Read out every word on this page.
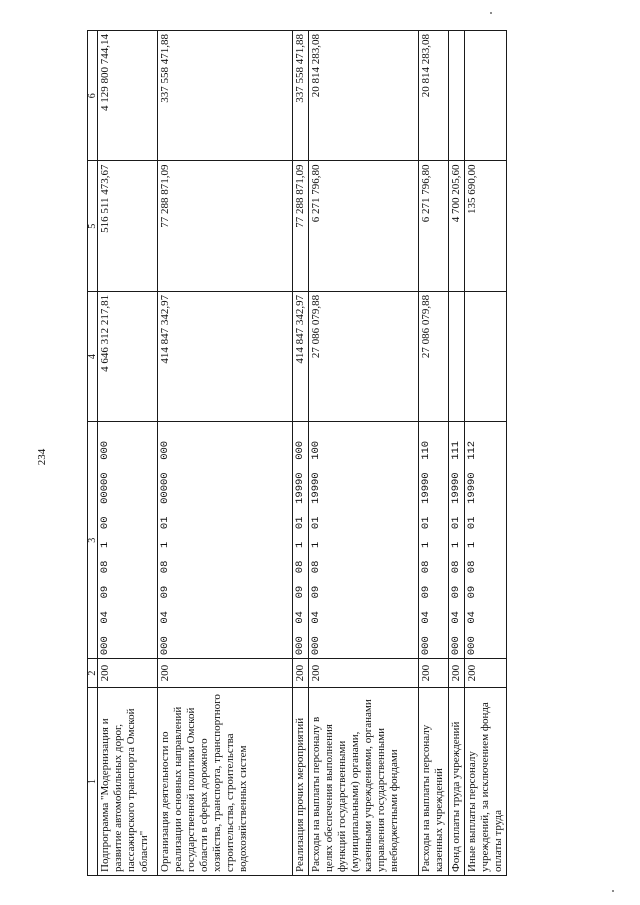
234
1	2	3	4	5	6
Подпрограмма "Модернизация и развитие автомобильных дорог, пассажирского транспорта Омской области"	200	000  04  09  08  1  00  00000  000	4 646 312 217,81	516 511 473,67	4 129 800 744,14
Организация деятельности по реализации основных направлений государственной политики Омской области в сферах дорожного хозяйства, транспорта, транспортного строительства, строительства водохозяйственных систем	200	000  04  09  08  1  01  00000  000	414 847 342,97	77 288 871,09	337 558 471,88
Реализация прочих мероприятий	200	000  04  09  08  1  01  19990  000	414 847 342,97	77 288 871,09	337 558 471,88
Расходы на выплаты персоналу в целях обеспечения выполнения функций государственными (муниципальными) органами, казенными учреждениями, органами управления государственными внебюджетными фондами	200	000  04  09  08  1  01  19990  100	27 086 079,88	6 271 796,80	20 814 283,08
Расходы на выплаты персоналу казенных учреждений	200	000  04  09  08  1  01  19990  110	27 086 079,88	6 271 796,80	20 814 283,08
Фонд оплаты труда учреждений	200	000  04  09  08  1  01  19990  111		4 700 205,60	
Иные выплаты персоналу учреждений, за исключением фонда оплаты труда	200	000  04  09  08  1  01  19990  112		135 690,00	
